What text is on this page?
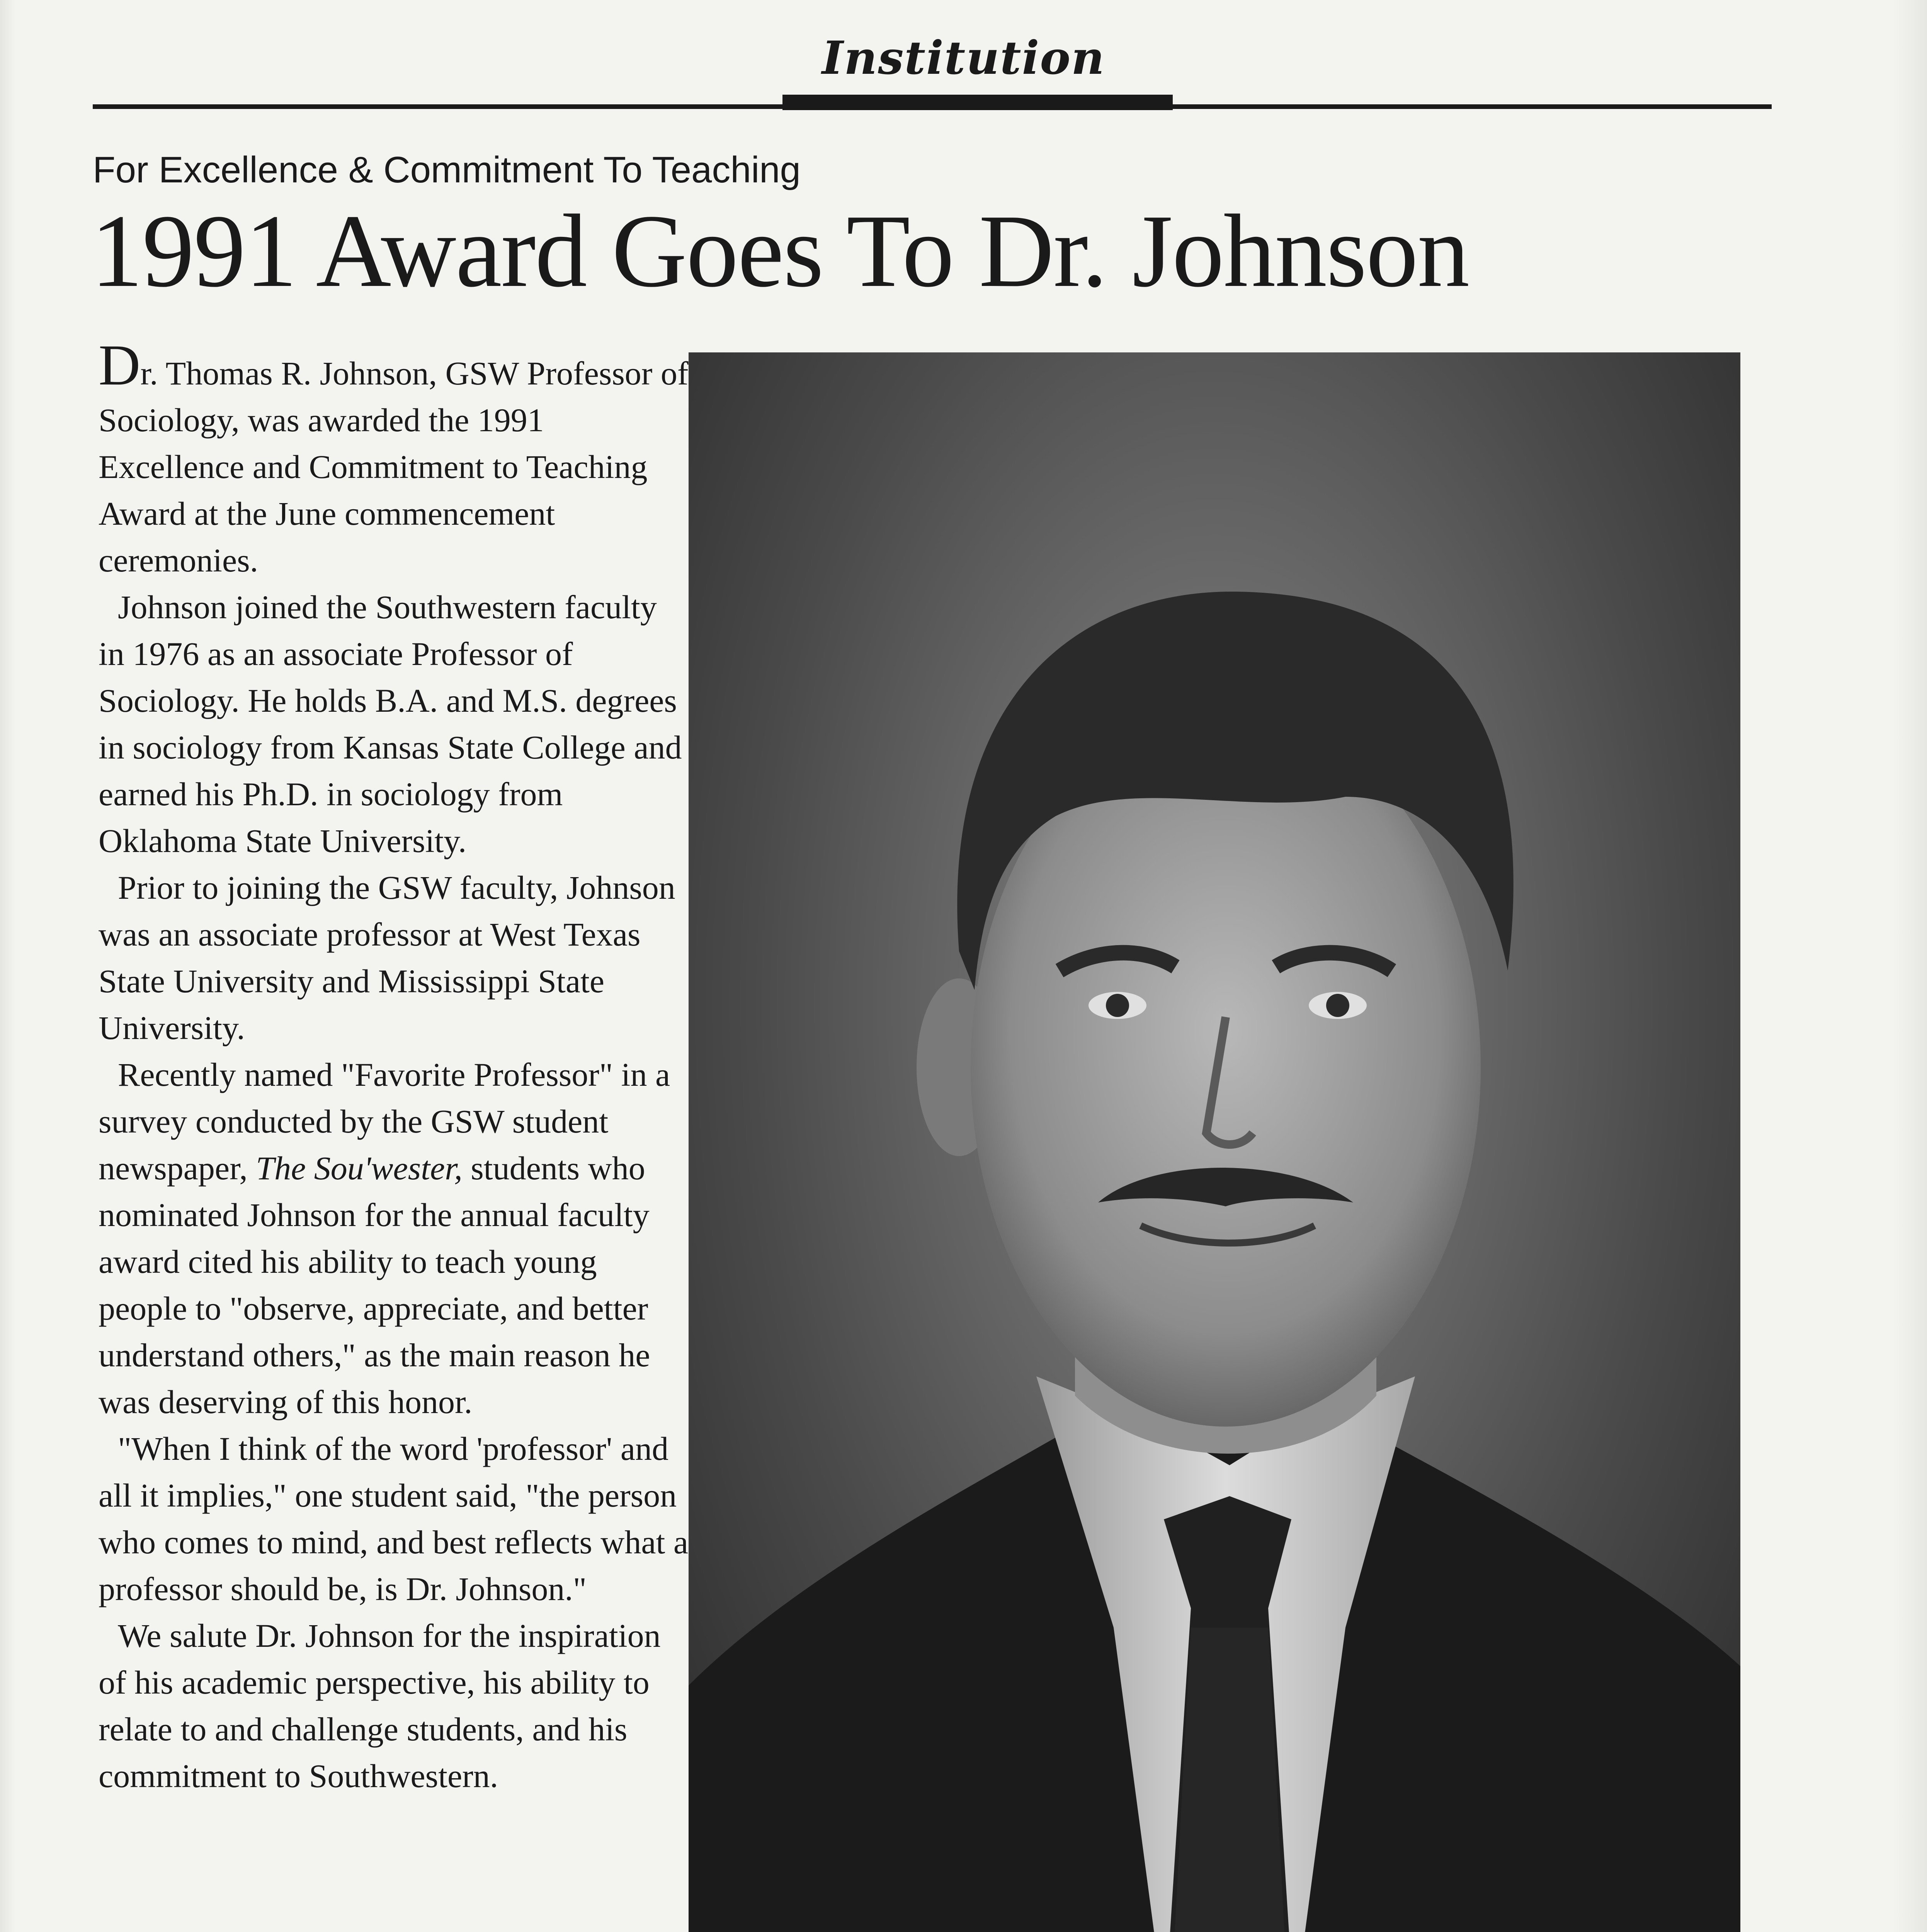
Institution
For Excellence & Commitment To Teaching
1991 Award Goes To Dr. Johnson

Dr. Thomas R. Johnson, GSW Professor of Sociology, was awarded the 1991 Excellence and Commitment to Teaching Award at the June commencement ceremonies.

Johnson joined the Southwestern faculty in 1976 as an associate Professor of Sociology. He holds B.A. and M.S. degrees in sociology from Kansas State College and earned his Ph.D. in sociology from Oklahoma State University.

Prior to joining the GSW faculty, Johnson was an associate professor at West Texas State University and Mississippi State University.

Recently named "Favorite Professor" in a survey conducted by the GSW student newspaper, The Sou'wester, students who nominated Johnson for the annual faculty award cited his ability to teach young people to "observe, appreciate, and better understand others," as the main reason he was deserving of this honor.

"When I think of the word 'professor' and all it implies," one student said, "the person who comes to mind, and best reflects what a professor should be, is Dr. Johnson."

We salute Dr. Johnson for the inspiration of his academic perspective, his ability to relate to and challenge students, and his commitment to Southwestern.
